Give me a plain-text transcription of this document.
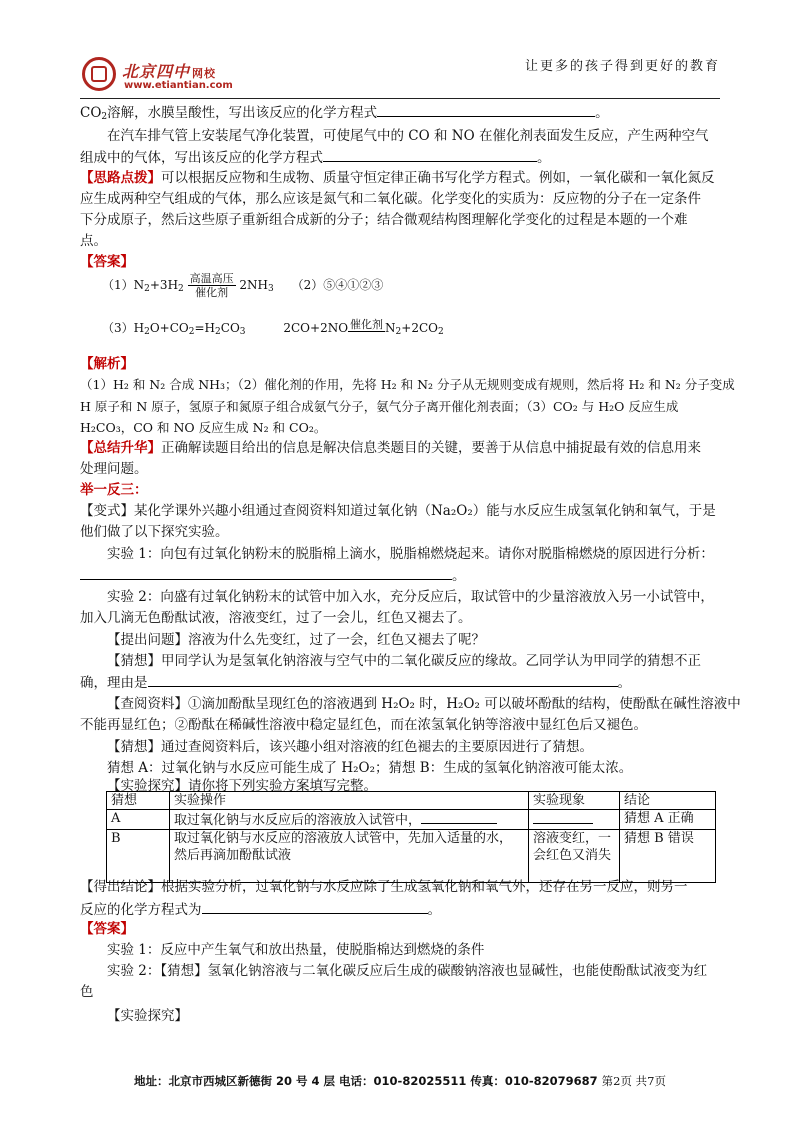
北京四中 网校
www.etiantian.com
让更多的孩子得到更好的教育
$CO_2$溶解，水膜呈酸性，写出该反应的化学方程式	。
在汽车排气管上安装尾气净化装置，可使尾气中的 CO 和 NO 在催化剂表面发生反应，产生两种空气
组成中的气体，写出该反应的化学方程式	。
【思路点拨】可以根据反应物和生成物、质量守恒定律正确书写化学方程式。例如，一氧化碳和一氧化氮反
应生成两种空气组成的气体，那么应该是氮气和二氧化碳。化学变化的实质为：反应物的分子在一定条件
下分成原子，然后这些原子重新组合成新的分子；结合微观结构图理解化学变化的过程是本题的一个难
点。
【答案】
$(1)N_2+3H_2$
高温高压
催化剂
$2NH_3$ （2）⑤④①②③
$(3)H_2O+CO_2=H_2CO_3$	2CO+2NO 催化剂 $N_2+2CO_2$
【解析】
（1）H₂ 和 N₂ 合成 NH₃；（2）催化剂的作用，先将 H₂ 和 N₂ 分子从无规则变成有规则，然后将 H₂ 和 N₂ 分子变成
H 原子和 N 原子，氢原子和氮原子组合成氨气分子，氨气分子离开催化剂表面；（3）CO₂ 与 H₂O 反应生成
H₂CO₃，CO 和 NO 反应生成 N₂ 和 CO₂。
【总结升华】正确解读题目给出的信息是解决信息类题目的关键，要善于从信息中捕捉最有效的信息用来
处理问题。
举一反三：
【变式】某化学课外兴趣小组通过查阅资料知道过氧化钠（Na₂O₂）能与水反应生成氢氧化钠和氧气，于是
他们做了以下探究实验。
实验 1：向包有过氧化钠粉末的脱脂棉上滴水，脱脂棉燃烧起来。请你对脱脂棉燃烧的原因进行分析：
。
实验 2：向盛有过氧化钠粉末的试管中加入水，充分反应后，取试管中的少量溶液放入另一小试管中，
加入几滴无色酚酞试液，溶液变红，过了一会儿，红色又褪去了。
【提出问题】溶液为什么先变红，过了一会，红色又褪去了呢？
【猜想】甲同学认为是氢氧化钠溶液与空气中的二氧化碳反应的缘故。乙同学认为甲同学的猜想不正
确，理由是	。
【查阅资料】①滴加酚酞呈现红色的溶液遇到 H₂O₂ 时，H₂O₂ 可以破坏酚酞的结构，使酚酞在碱性溶液中
不能再显红色；②酚酞在稀碱性溶液中稳定显红色，而在浓氢氧化钠等溶液中显红色后又褪色。
【猜想】通过查阅资料后，该兴趣小组对溶液的红色褪去的主要原因进行了猜想。
猜想 A：过氧化钠与水反应可能生成了 H₂O₂；猜想 B：生成的氢氧化钠溶液可能太浓。
【实验探究】请你将下列实验方案填写完整。
猜想	实验操作	实验现象	结论
A	取过氧化钠与水反应后的溶液放入试管中，		猜想 A 正确
B	取过氧化钠与水反应的溶液放人试管中，先加入适量的水，然后再滴加酚酞试液	溶液变红，一会红色又消失	猜想 B 错误
【得出结论】根据实验分析，过氧化钠与水反应除了生成氢氧化钠和氧气外，还存在另一反应，则另一
反应的化学方程式为	。
【答案】
实验 1：反应中产生氧气和放出热量，使脱脂棉达到燃烧的条件
实验 2：【猜想】氢氧化钠溶液与二氧化碳反应后生成的碳酸钠溶液也显碱性，也能使酚酞试液变为红
色
【实验探究】
地址：北京市西城区新德街 20 号 4 层 电话：010-82025511 传真：010-82079687 第2页 共7页
